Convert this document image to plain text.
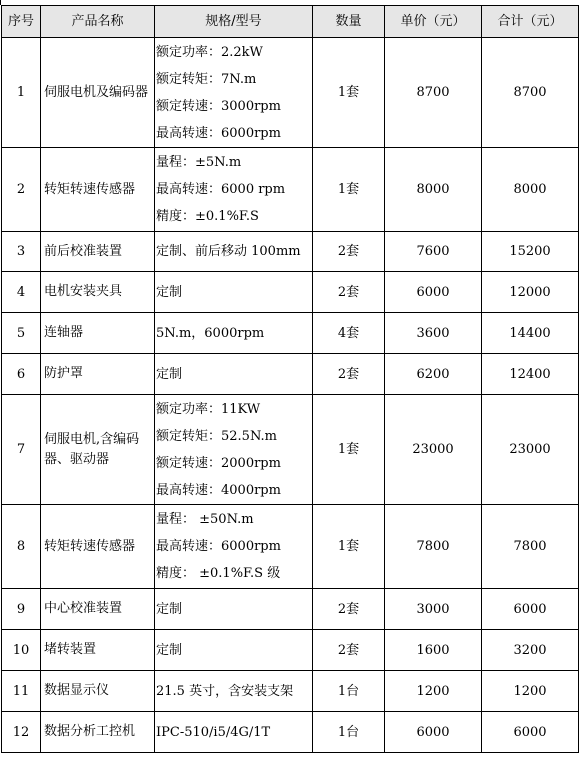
序号	产品名称	规格/型号	数量	单价（元）	合计（元）
1	伺服电机及编码器	额定功率：2.2kW
额定转矩：7N.m
额定转速：3000rpm
最高转速：6000rpm	1套	8700	8700
2	转矩转速传感器	量程：±5N.m
最高转速：6000 rpm
精度：±0.1%F.S	1套	8000	8000
3	前后校准装置	定制、前后移动 100mm	2套	7600	15200
4	电机安装夹具	定制	2套	6000	12000
5	连轴器	5N.m，6000rpm	4套	3600	14400
6	防护罩	定制	2套	6200	12400
7	伺服电机,含编码器、驱动器	额定功率：11KW
额定转矩：52.5N.m
额定转速：2000rpm
最高转速：4000rpm	1套	23000	23000
8	转矩转速传感器	量程： ±50N.m
最高转速：6000rpm
精度： ±0.1%F.S 级	1套	7800	7800
9	中心校准装置	定制	2套	3000	6000
10	堵转装置	定制	2套	1600	3200
11	数据显示仪	21.5 英寸，含安装支架	1台	1200	1200
12	数据分析工控机	IPC-510/i5/4G/1T	1台	6000	6000
